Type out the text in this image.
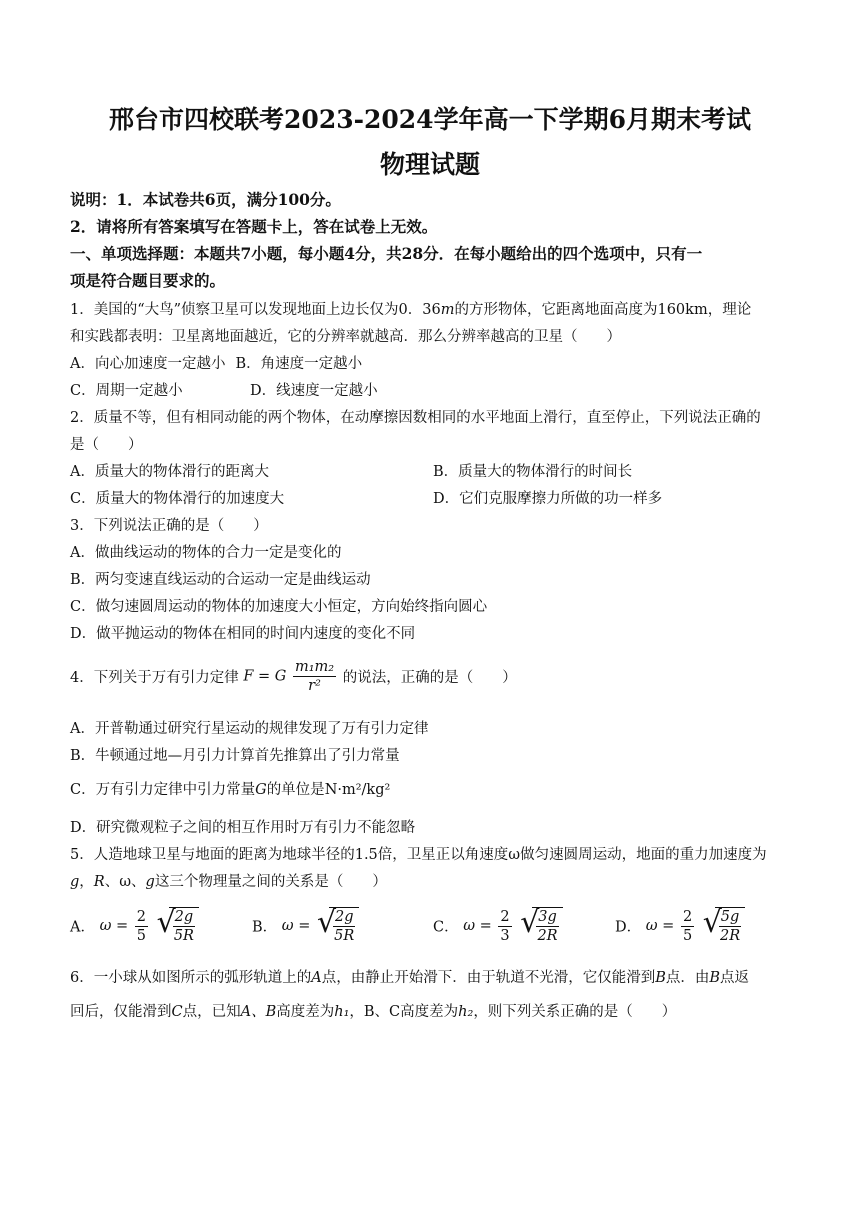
邢台市四校联考2023-2024学年高一下学期6月期末考试
物理试题
说明：1．本试卷共6页，满分100分。
2．请将所有答案填写在答题卡上，答在试卷上无效。
一、单项选择题：本题共7小题，每小题4分，共28分．在每小题给出的四个选项中，只有一
项是符合题目要求的。
1．美国的“大鸟”侦察卫星可以发现地面上边长仅为0．36m的方形物体，它距离地面高度为160km，理论
和实践都表明：卫星离地面越近，它的分辨率就越高．那么分辨率越高的卫星（　　）
A．向心加速度一定越小 B．角速度一定越小
C．周期一定越小	D．线速度一定越小
2．质量不等，但有相同动能的两个物体，在动摩擦因数相同的水平地面上滑行，直至停止，下列说法正确的
是（　　）
A．质量大的物体滑行的距离大	B．质量大的物体滑行的时间长
C．质量大的物体滑行的加速度大	D．它们克服摩擦力所做的功一样多
3．下列说法正确的是（　　）
A．做曲线运动的物体的合力一定是变化的
B．两匀变速直线运动的合运动一定是曲线运动
C．做匀速圆周运动的物体的加速度大小恒定，方向始终指向圆心
D．做平抛运动的物体在相同的时间内速度的变化不同
4．下列关于万有引力定律 F = G $\frac{\text{m₁m₂}}{\text{r²}}$ 的说法，正确的是（　　）
A．开普勒通过研究行星运动的规律发现了万有引力定律
B．牛顿通过地—月引力计算首先推算出了引力常量
C．万有引力定律中引力常量G的单位是N·m²/kg²
D．研究微观粒子之间的相互作用时万有引力不能忽略
5．人造地球卫星与地面的距离为地球半径的1.5倍，卫星正以角速度ω做匀速圆周运动，地面的重力加速度为
g，R、ω、g这三个物理量之间的关系是（　　）
A． $\omega = \frac{2}{5}$
√
$\frac{2g}{5R}$	B． ω = √
$\frac{2g}{5R}$	C． $\omega = \frac{2}{3}$
√
$\frac{3g}{2R}$	D． $\omega = \frac{2}{5}$
√
$\frac{5g}{2R}$
6．一小球从如图所示的弧形轨道上的A点，由静止开始滑下．由于轨道不光滑，它仅能滑到B点．由B点返
回后，仅能滑到C点，已知A、B高度差为h₁，B、C高度差为h₂，则下列关系正确的是（　　）
